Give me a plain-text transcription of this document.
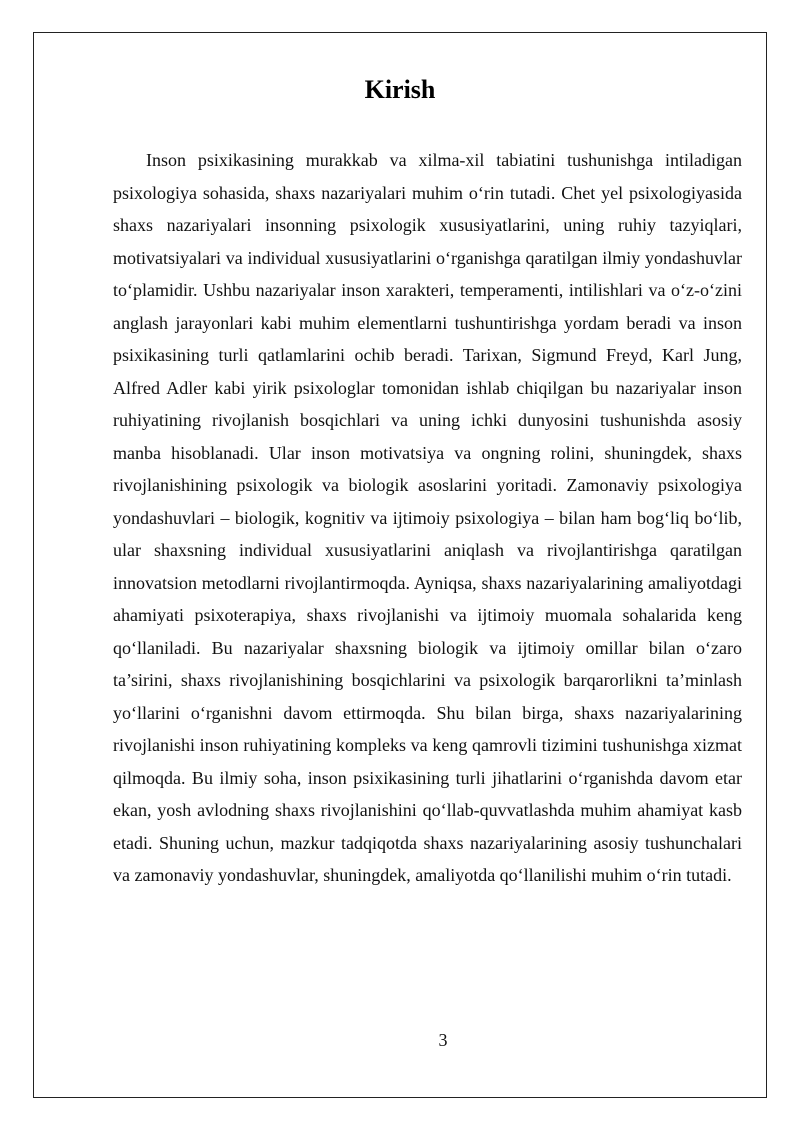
Kirish

Inson psixikasining murakkab va xilma-xil tabiatini tushunishga intiladigan psixologiya sohasida, shaxs nazariyalari muhim o‘rin tutadi. Chet yel psixologiyasida shaxs nazariyalari insonning psixologik xususiyatlarini, uning ruhiy tazyiqlari, motivatsiyalari va individual xususiyatlarini o‘rganishga qaratilgan ilmiy yondashuvlar to‘plamidir. Ushbu nazariyalar inson xarakteri, temperamenti, intilishlari va o‘z-o‘zini anglash jarayonlari kabi muhim elementlarni tushuntirishga yordam beradi va inson psixikasining turli qatlamlarini ochib beradi. Tarixan, Sigmund Freyd, Karl Jung, Alfred Adler kabi yirik psixologlar tomonidan ishlab chiqilgan bu nazariyalar inson ruhiyatining rivojlanish bosqichlari va uning ichki dunyosini tushunishda asosiy manba hisoblanadi. Ular inson motivatsiya va ongning rolini, shuningdek, shaxs rivojlanishining psixologik va biologik asoslarini yoritadi. Zamonaviy psixologiya yondashuvlari – biologik, kognitiv va ijtimoiy psixologiya – bilan ham bog‘liq bo‘lib, ular shaxsning individual xususiyatlarini aniqlash va rivojlantirishga qaratilgan innovatsion metodlarni rivojlantirmoqda. Ayniqsa, shaxs nazariyalarining amaliyotdagi ahamiyati psixoterapiya, shaxs rivojlanishi va ijtimoiy muomala sohalarida keng qo‘llaniladi. Bu nazariyalar shaxsning biologik va ijtimoiy omillar bilan o‘zaro ta’sirini, shaxs rivojlanishining bosqichlarini va psixologik barqarorlikni ta’minlash yo‘llarini o‘rganishni davom ettirmoqda. Shu bilan birga, shaxs nazariyalarining rivojlanishi inson ruhiyatining kompleks va keng qamrovli tizimini tushunishga xizmat qilmoqda. Bu ilmiy soha, inson psixikasining turli jihatlarini o‘rganishda davom etar ekan, yosh avlodning shaxs rivojlanishini qo‘llab-quvvatlashda muhim ahamiyat kasb etadi. Shuning uchun, mazkur tadqiqotda shaxs nazariyalarining asosiy tushunchalari va zamonaviy yondashuvlar, shuningdek, amaliyotda qo‘llanilishi muhim o‘rin tutadi.

3
